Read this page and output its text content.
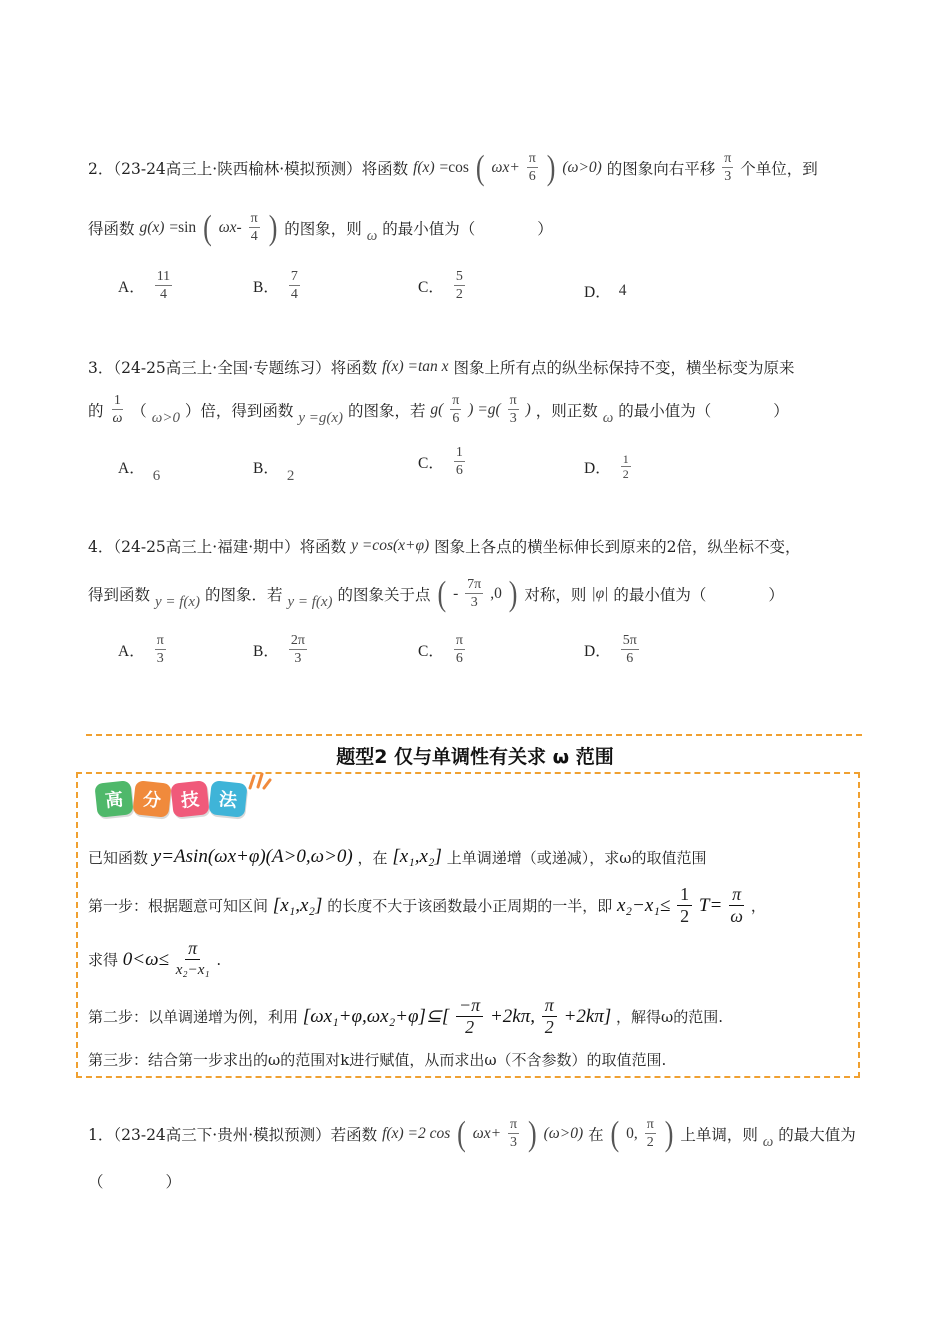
2．（23-24高三上·陕西榆林·模拟预测）将函数 f(x) =cos ( $\omega x+ \frac{\pi}{6}$ ) (ω>0) 的图象向右平移 $\frac{\pi}{3}$ 个单位，到
得函数 g(x) =sin ( $\omega x- \frac{\pi}{4}$ ) 的图象，则 ω 的最小值为（　　　　）
A． $\frac{11}{4}$	B． $\frac{7}{4}$	C． $\frac{5}{2}$	D． 4
3．（24-25高三上·全国·专题练习）将函数 f(x) =tan x 图象上所有点的纵坐标保持不变，横坐标变为原来
的 $\frac{1}{\omega}$ （ ω>0 ）倍，得到函数 y =g(x) 的图象，若 $g( \frac{\pi}{6}$ ) $=g( \frac{\pi}{3}$ ) ，则正数 ω 的最小值为（　　　　）
A． 6	B． 2
C． $\frac{1}{6}$	D． $\frac{1}{2}$
4．（24-25高三上·福建·期中）将函数 y =cos(x+φ) 图象上各点的横坐标伸长到原来的2倍，纵坐标不变，
得到函数 y = f(x) 的图象．若 y = f(x) 的图象关于点 ( - $\frac{7\pi}{3} ,0$ ) 对称，则 |φ| 的最小值为（　　　　）
A． $\frac{\pi}{3}$	B． $\frac{2\pi}{3}$	C． $\frac{\pi}{6}$	D． $\frac{5\pi}{6}$
题型2 仅与单调性有关求 ω 范围
高 分	技 法
已知函数 y=Asin(ωx+φ)(A>0,ω>0) ，在 [x₁,x₂] 上单调递增（或递减），求ω的取值范围
第一步：根据题意可知区间 [x₁,x₂] 的长度不大于该函数最小正周期的一半，即 $x_2-x_1\le \frac{1}{2} T= \frac{\pi}{\omega}$ ，
求得 0<ω≤
π
x₂−x₁
.
第二步：以单调递增为例，利用 [ωx₁+φ,ωx₂+φ]⊆[ $\frac{-\pi}{2} +2k\pi$, $\frac{\pi}{2} +2k\pi$] ，解得ω的范围.
第三步：结合第一步求出的ω的范围对k进行赋值，从而求出ω（不含参数）的取值范围.
1．（23-24高三下·贵州·模拟预测）若函数 f(x) =2 cos ( $\omega x+ \frac{\pi}{3}$ ) (ω>0) 在 ( 0, $\frac{\pi}{2}$ ) 上单调，则 ω 的最大值为
（　　　　）
